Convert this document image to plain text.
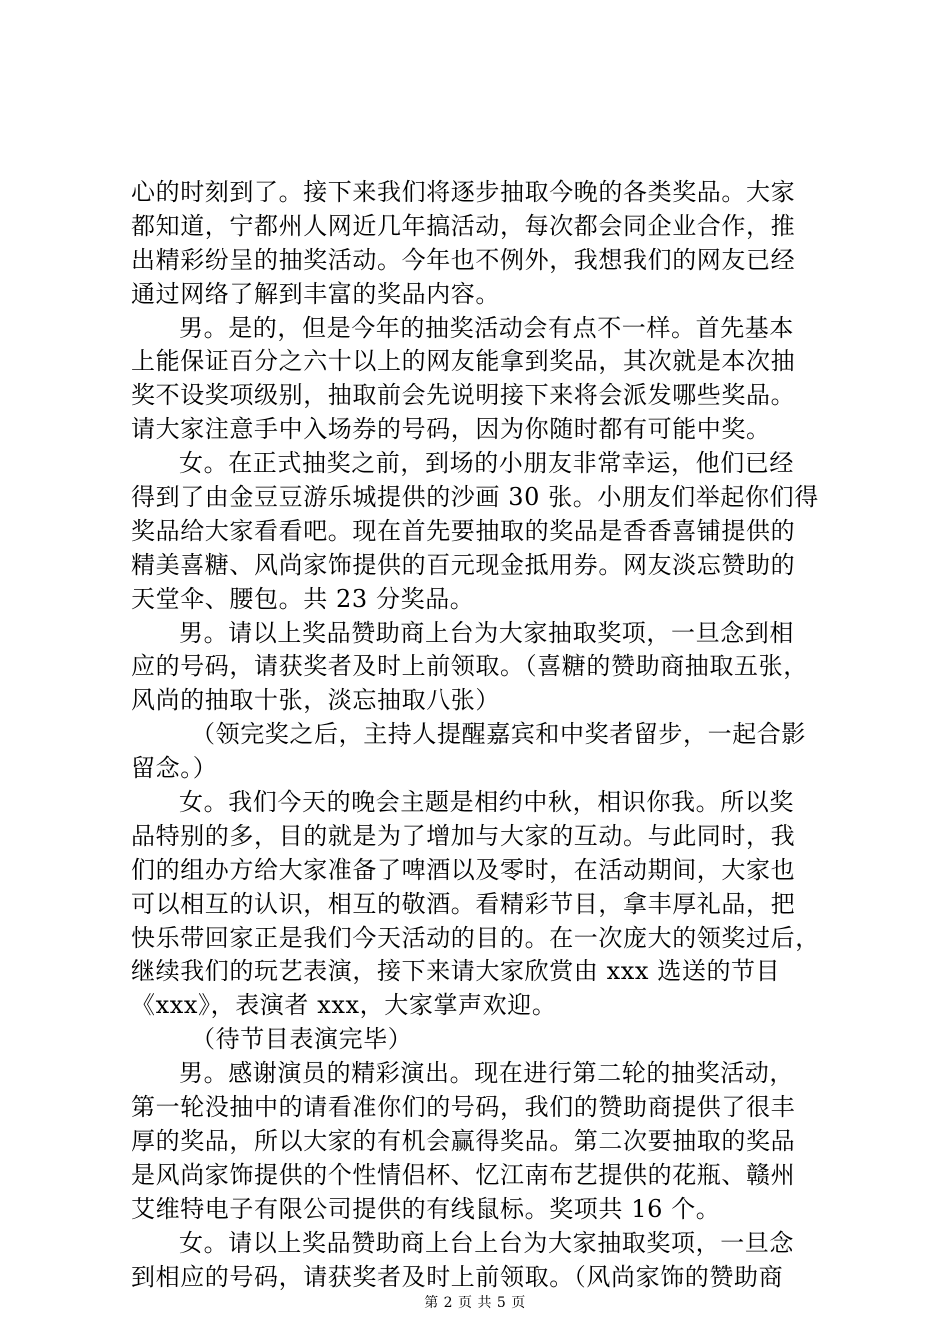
心的时刻到了。接下来我们将逐步抽取今晚的各类奖品。大家
都知道，宁都州人网近几年搞活动，每次都会同企业合作，推
出精彩纷呈的抽奖活动。今年也不例外，我想我们的网友已经
通过网络了解到丰富的奖品内容。
男。是的，但是今年的抽奖活动会有点不一样。首先基本
上能保证百分之六十以上的网友能拿到奖品，其次就是本次抽
奖不设奖项级别，抽取前会先说明接下来将会派发哪些奖品。
请大家注意手中入场券的号码，因为你随时都有可能中奖。
女。在正式抽奖之前，到场的小朋友非常幸运，他们已经
得到了由金豆豆游乐城提供的沙画 30 张。小朋友们举起你们得
奖品给大家看看吧。现在首先要抽取的奖品是香香喜铺提供的
精美喜糖、风尚家饰提供的百元现金抵用券。网友淡忘赞助的
天堂伞、腰包。共 23 分奖品。
男。请以上奖品赞助商上台为大家抽取奖项，一旦念到相
应的号码，请获奖者及时上前领取。（喜糖的赞助商抽取五张，
风尚的抽取十张，淡忘抽取八张）
（领完奖之后，主持人提醒嘉宾和中奖者留步，一起合影
留念。）
女。我们今天的晚会主题是相约中秋，相识你我。所以奖
品特别的多，目的就是为了增加与大家的互动。与此同时，我
们的组办方给大家准备了啤酒以及零时，在活动期间，大家也
可以相互的认识，相互的敬酒。看精彩节目，拿丰厚礼品，把
快乐带回家正是我们今天活动的目的。在一次庞大的领奖过后，
继续我们的玩艺表演，接下来请大家欣赏由 xxx 选送的节目
《xxx》，表演者 xxx，大家掌声欢迎。
（待节目表演完毕）
男。感谢演员的精彩演出。现在进行第二轮的抽奖活动，
第一轮没抽中的请看准你们的号码，我们的赞助商提供了很丰
厚的奖品，所以大家的有机会赢得奖品。第二次要抽取的奖品
是风尚家饰提供的个性情侣杯、忆江南布艺提供的花瓶、赣州
艾维特电子有限公司提供的有线鼠标。奖项共 16 个。
女。请以上奖品赞助商上台上台为大家抽取奖项，一旦念
到相应的号码，请获奖者及时上前领取。（风尚家饰的赞助商
第 2 页 共 5 页
